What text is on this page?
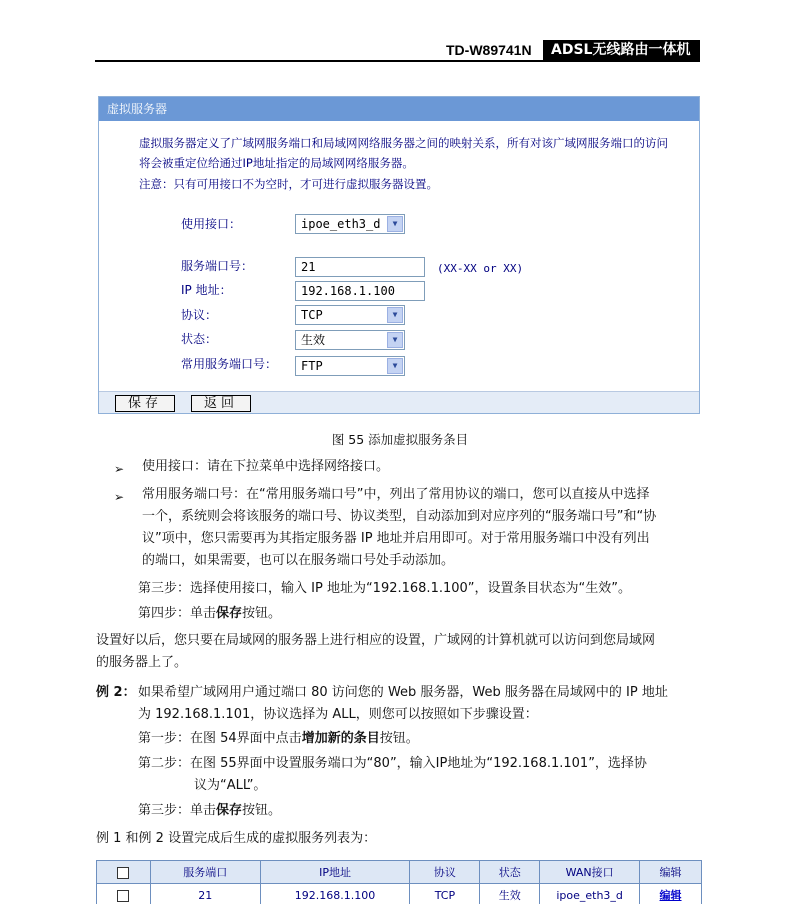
TD-W89741N	ADSL无线路由一体机
虚拟服务器
虚拟服务器定义了广域网服务端口和局域网网络服务器之间的映射关系，所有对该广域网服务端口的访问将会被重定位给通过IP地址指定的局域网网络服务器。
注意：只有可用接口不为空时，才可进行虚拟服务器设置。
使用接口：	ipoe_eth3_d	▼
服务端口号：	21	(XX-XX or XX)
IP 地址：	192.168.1.100
协议：	TCP	▼
状态：	生效	▼
常用服务端口号：	FTP	▼
保存	返回
图 55 添加虚拟服务条目
➢ 使用接口：请在下拉菜单中选择网络接口。
➢ 常用服务端口号：在“常用服务端口号”中，列出了常用协议的端口，您可以直接从中选择
一个，系统则会将该服务的端口号、协议类型，自动添加到对应序列的“服务端口号”和“协
议”项中，您只需要再为其指定服务器 IP 地址并启用即可。对于常用服务端口中没有列出
的端口，如果需要，也可以在服务端口号处手动添加。
第三步：选择使用接口，输入 IP 地址为“192.168.1.100”，设置条目状态为“生效”。
第四步：单击保存按钮。
设置好以后，您只要在局域网的服务器上进行相应的设置，广域网的计算机就可以访问到您局域网
的服务器上了。
例 2： 如果希望广域网用户通过端口 80 访问您的 Web 服务器，Web 服务器在局域网中的 IP 地址
为 192.168.1.101，协议选择为 ALL，则您可以按照如下步骤设置：
第一步：在图 54界面中点击增加新的条目按钮。
第二步：在图 55界面中设置服务端口为“80”，输入IP地址为“192.168.1.101”，选择协
议为“ALL”。
第三步：单击保存按钮。
例 1 和例 2 设置完成后生成的虚拟服务列表为：
	服务端口	IP地址	协议	状态	WAN接口	编辑
	21	192.168.1.100	TCP	生效	ipoe_eth3_d	编辑
